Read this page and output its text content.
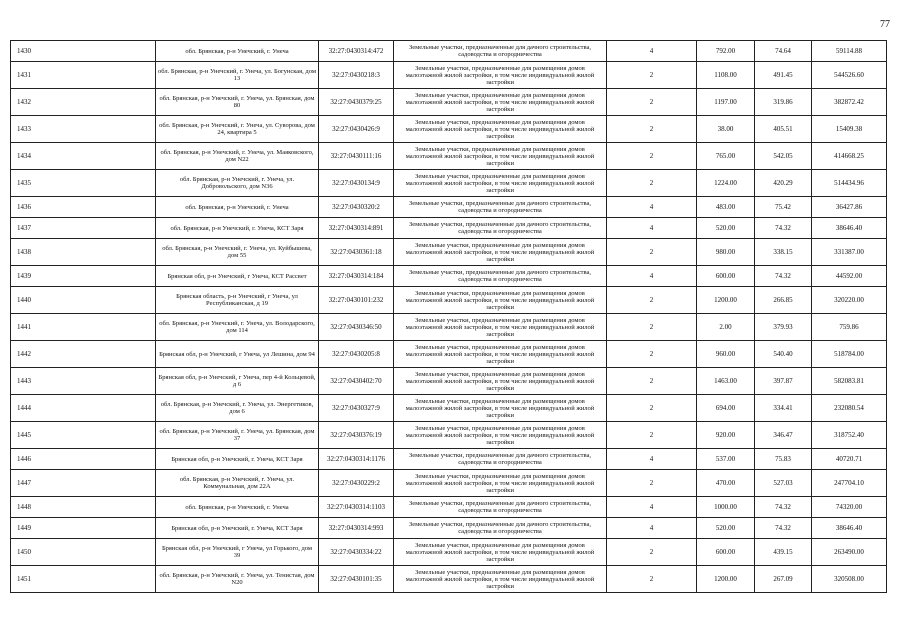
77
1430	обл. Брянская, р-н Унечский, г. Унеча	32:27:0430314:472	Земельные участки, предназначенные для дачного строительства, садоводства и огородничества	4	792.00	74.64	59114.88
1431	обл. Брянская, р-н Унечский, г. Унеча, ул. Богунская, дом 13	32:27:0430218:3	Земельные участки, предназначенные для размещения домов малоэтажной жилой застройки, в том числе индивидуальной жилой застройки	2	1108.00	491.45	544526.60
1432	обл. Брянская, р-н Унечский, г. Унеча, ул. Брянская, дом 80	32:27:0430379:25	Земельные участки, предназначенные для размещения домов малоэтажной жилой застройки, в том числе индивидуальной жилой застройки	2	1197.00	319.86	382872.42
1433	обл. Брянская, р-н Унечский, г. Унеча, ул. Суворова, дом 24, квартира 5	32:27:0430426:9	Земельные участки, предназначенные для размещения домов малоэтажной жилой застройки, в том числе индивидуальной жилой застройки	2	38.00	405.51	15409.38
1434	обл. Брянская, р-н Унечский, г. Унеча, ул. Маяковского, дом N22	32:27:0430111:16	Земельные участки, предназначенные для размещения домов малоэтажной жилой застройки, в том числе индивидуальной жилой застройки	2	765.00	542.05	414668.25
1435	обл. Брянская, р-н Унечский, г. Унеча, ул. Добровольского, дом N36	32:27:0430134:9	Земельные участки, предназначенные для размещения домов малоэтажной жилой застройки, в том числе индивидуальной жилой застройки	2	1224.00	420.29	514434.96
1436	обл. Брянская, р-н Унечский, г. Унеча	32:27:0430320:2	Земельные участки, предназначенные для дачного строительства, садоводства и огородничества	4	483.00	75.42	36427.86
1437	обл. Брянская, р-н Унечский, г. Унеча, КСТ Заря	32:27:0430314:891	Земельные участки, предназначенные для дачного строительства, садоводства и огородничества	4	520.00	74.32	38646.40
1438	обл. Брянская, р-н Унечский, г. Унеча, ул. Куйбышева, дом 55	32:27:0430361:18	Земельные участки, предназначенные для размещения домов малоэтажной жилой застройки, в том числе индивидуальной жилой застройки	2	980.00	338.15	331387.00
1439	Брянская обл, р-н Унечский, г Унеча, КСТ Рассвет	32:27:0430314:184	Земельные участки, предназначенные для дачного строительства, садоводства и огородничества	4	600.00	74.32	44592.00
1440	Брянская область, р-н Унечский, г Унеча, ул Республиканская, д 19	32:27:0430101:232	Земельные участки, предназначенные для размещения домов малоэтажной жилой застройки, в том числе индивидуальной жилой застройки	2	1200.00	266.85	320220.00
1441	обл. Брянская, р-н Унечский, г. Унеча, ул. Володарского, дом 114	32:27:0430346:50	Земельные участки, предназначенные для размещения домов малоэтажной жилой застройки, в том числе индивидуальной жилой застройки	2	2.00	379.93	759.86
1442	Брянская обл, р-н Унечский, г Унеча, ул Лешина, дом 94	32:27:0430205:8	Земельные участки, предназначенные для размещения домов малоэтажной жилой застройки, в том числе индивидуальной жилой застройки	2	960.00	540.40	518784.00
1443	Брянская обл, р-н Унечский, г Унеча, пер 4-й Кольцевой, д 6	32:27:0430402:70	Земельные участки, предназначенные для размещения домов малоэтажной жилой застройки, в том числе индивидуальной жилой застройки	2	1463.00	397.87	582083.81
1444	обл. Брянская, р-н Унечский, г. Унеча, ул. Энергетиков, дом 6	32:27:0430327:9	Земельные участки, предназначенные для размещения домов малоэтажной жилой застройки, в том числе индивидуальной жилой застройки	2	694.00	334.41	232080.54
1445	обл. Брянская, р-н Унечский, г. Унеча, ул. Брянская, дом 37	32:27:0430376:19	Земельные участки, предназначенные для размещения домов малоэтажной жилой застройки, в том числе индивидуальной жилой застройки	2	920.00	346.47	318752.40
1446	Брянская обл, р-н Унечский, г. Унеча, КСТ Заря	32:27:0430314:1176	Земельные участки, предназначенные для дачного строительства, садоводства и огородничества	4	537.00	75.83	40720.71
1447	обл. Брянская, р-н Унечский, г. Унеча, ул. Коммунальная, дом 22А	32:27:0430229:2	Земельные участки, предназначенные для размещения домов малоэтажной жилой застройки, в том числе индивидуальной жилой застройки	2	470.00	527.03	247704.10
1448	обл. Брянская, р-н Унечский, г. Унеча	32:27:0430314:1103	Земельные участки, предназначенные для дачного строительства, садоводства и огородничества	4	1000.00	74.32	74320.00
1449	Брянская обл, р-н Унечский, г. Унеча, КСТ Заря	32:27:0430314:993	Земельные участки, предназначенные для дачного строительства, садоводства и огородничества	4	520.00	74.32	38646.40
1450	Брянская обл, р-н Унечский, г Унеча, ул Горького, дом 39	32:27:0430334:22	Земельные участки, предназначенные для размещения домов малоэтажной жилой застройки, в том числе индивидуальной жилой застройки	2	600.00	439.15	263490.00
1451	обл. Брянская, р-н Унечский, г. Унеча, ул. Тенистая, дом N20	32:27:0430101:35	Земельные участки, предназначенные для размещения домов малоэтажной жилой застройки, в том числе индивидуальной жилой застройки	2	1200.00	267.09	320508.00
